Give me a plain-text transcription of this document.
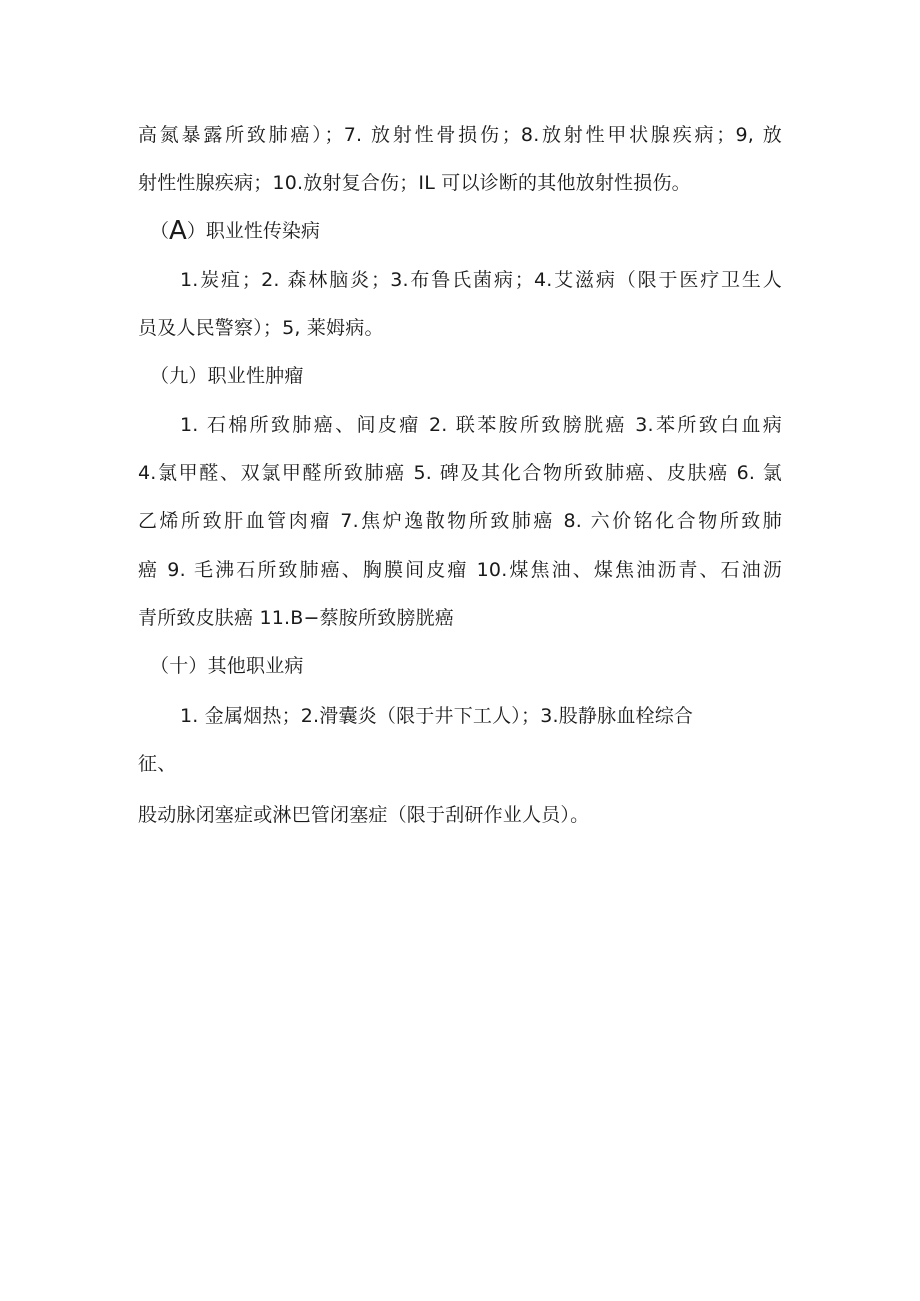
高氮暴露所致肺癌）；7. 放射性骨损伤；8.放射性甲状腺疾病；9, 放
射性性腺疾病；10.放射复合伤；IL 可以诊断的其他放射性损伤。
（A）职业性传染病
1.炭疽；2. 森林脑炎；3.布鲁氏菌病；4.艾滋病（限于医疗卫生人
员及人民警察）；5, 莱姆病。
（九）职业性肿瘤
1. 石棉所致肺癌、间皮瘤 2. 联苯胺所致膀胱癌 3.苯所致白血病
4.氯甲醛、双氯甲醛所致肺癌 5. 碑及其化合物所致肺癌、皮肤癌 6. 氯
乙烯所致肝血管肉瘤 7.焦炉逸散物所致肺癌 8. 六价铭化合物所致肺
癌 9. 毛沸石所致肺癌、胸膜间皮瘤 10.煤焦油、煤焦油沥青、石油沥
青所致皮肤癌 11.B−蔡胺所致膀胱癌
（十）其他职业病
1. 金属烟热；2.滑囊炎（限于井下工人）；3.股静脉血栓综合
征、
股动脉闭塞症或淋巴管闭塞症（限于刮研作业人员）。
